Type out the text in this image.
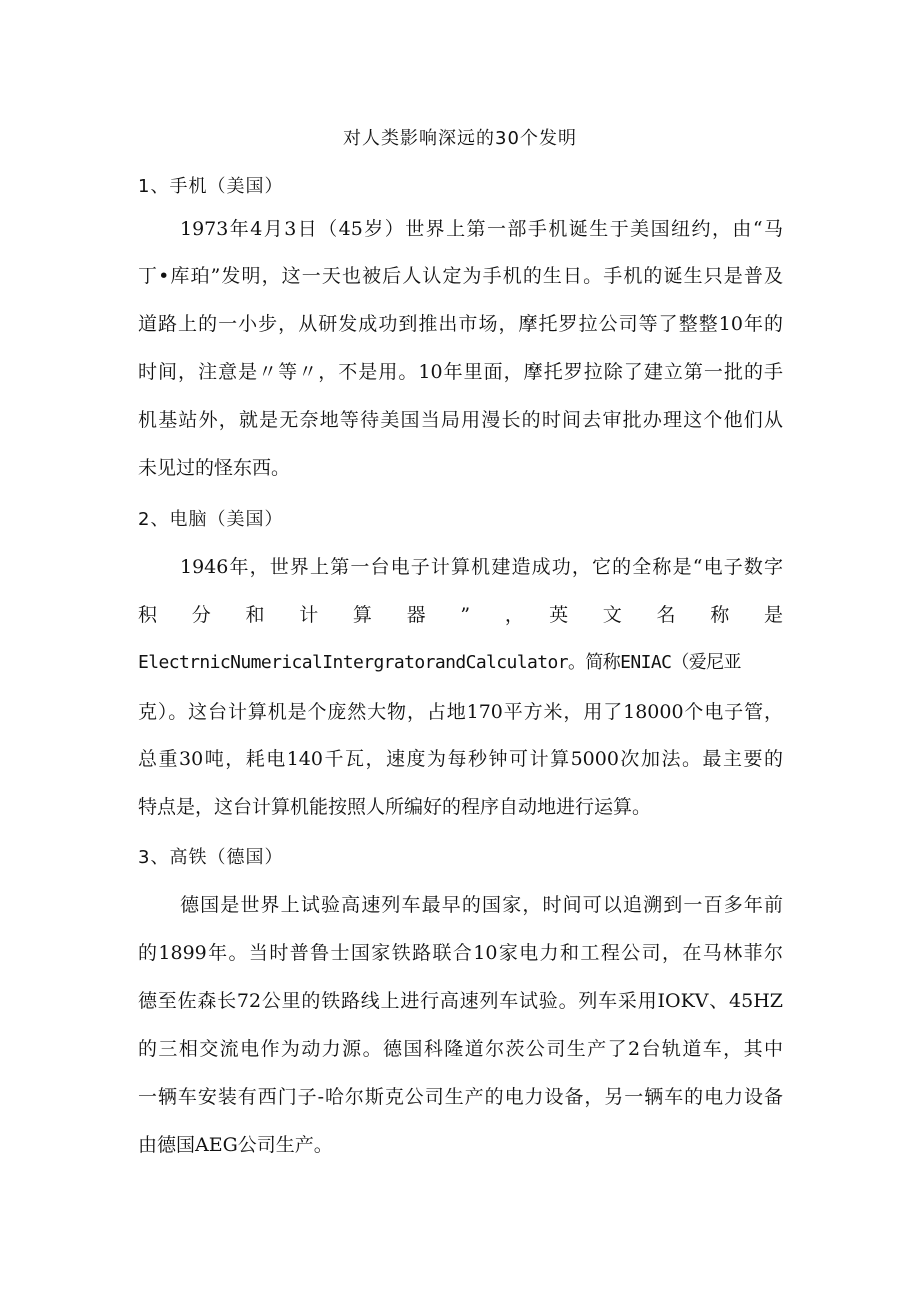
对人类影响深远的30个发明
1、手机（美国）
1973年4月3日（45岁）世界上第一部手机诞生于美国纽约，由“马
丁•库珀”发明，这一天也被后人认定为手机的生日。手机的诞生只是普及
道路上的一小步，从研发成功到推出市场，摩托罗拉公司等了整整10年的
时间，注意是〃等〃，不是用。10年里面，摩托罗拉除了建立第一批的手
机基站外，就是无奈地等待美国当局用漫长的时间去审批办理这个他们从
未见过的怪东西。
2、电脑（美国）
1946年，世界上第一台电子计算机建造成功，它的全称是“电子数字
积　分　和　计　算　器　”　，　英　文　名　称　是
ElectrnicNumericalIntergratorandCalculator。简称ENIAC（爱尼亚
克）。这台计算机是个庞然大物，占地170平方米，用了18000个电子管，
总重30吨，耗电140千瓦，速度为每秒钟可计算5000次加法。最主要的
特点是，这台计算机能按照人所编好的程序自动地进行运算。
3、高铁（德国）
德国是世界上试验高速列车最早的国家，时间可以追溯到一百多年前
的1899年。当时普鲁士国家铁路联合10家电力和工程公司，在马林菲尔
德至佐森长72公里的铁路线上进行高速列车试验。列车采用IOKV、45HZ
的三相交流电作为动力源。德国科隆道尔茨公司生产了2台轨道车，其中
一辆车安装有西门子-哈尔斯克公司生产的电力设备，另一辆车的电力设备
由德国AEG公司生产。
